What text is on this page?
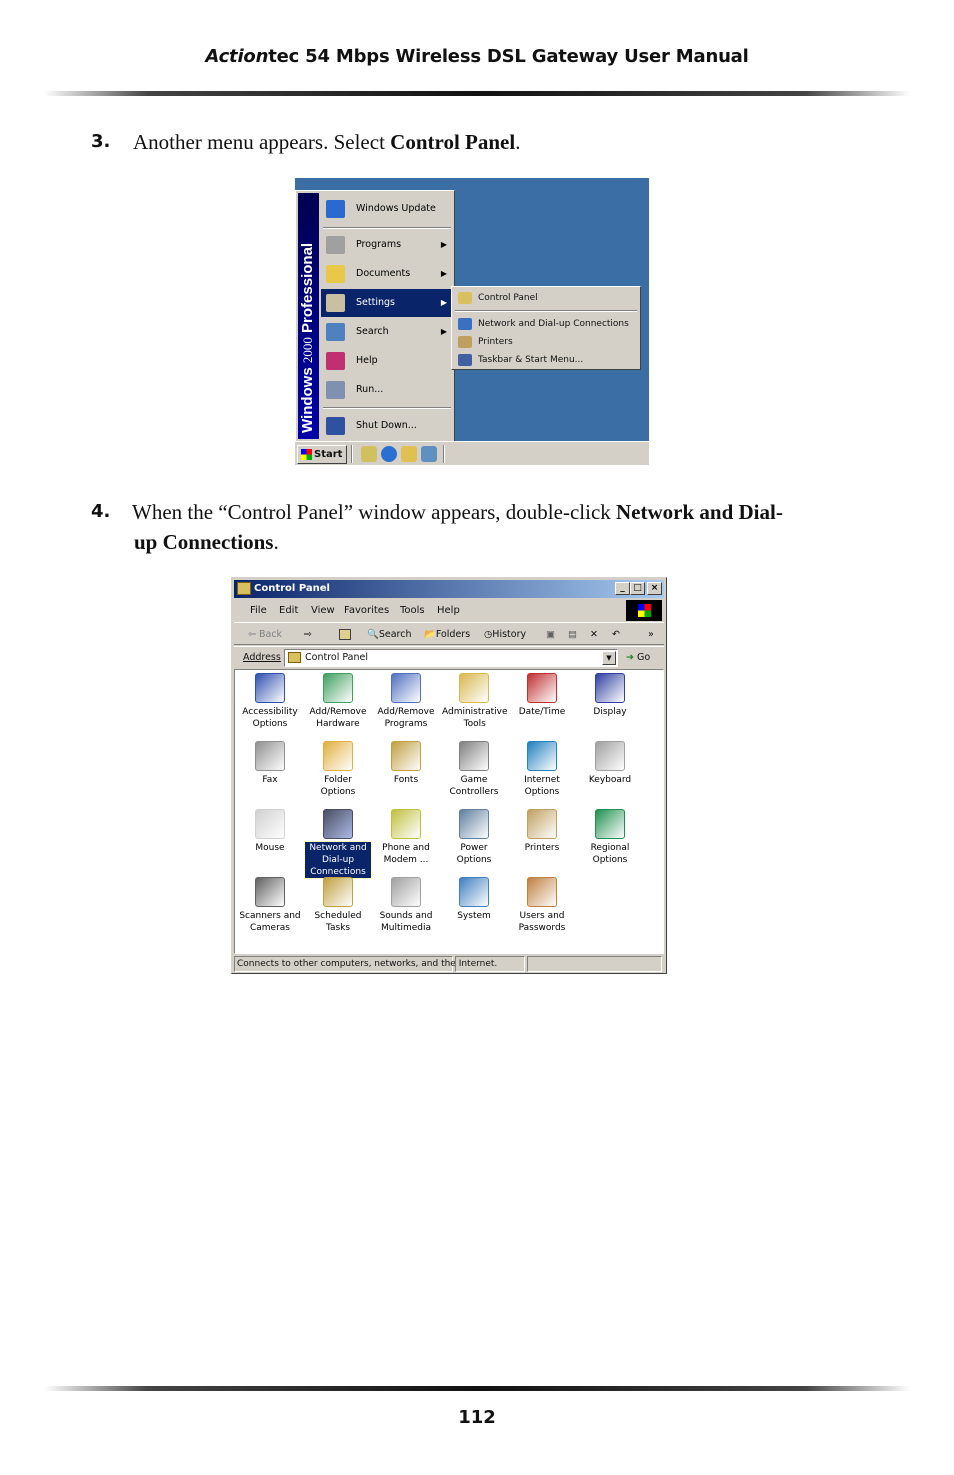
Actiontec 54 Mbps Wireless DSL Gateway User Manual
3. Another menu appears. Select Control Panel.
Windows 2000 Professional
Windows Update
Programs	▶
Documents	▶
Settings	▶
Search	▶
Help
Run...
Shut Down...
Control Panel
Network and Dial-up Connections
Printers
Taskbar & Start Menu...
Start
4. When the “Control Panel” window appears, double-click Network and Dial-
up Connections.
Control Panel	_ □ ×
File Edit View Favorites Tools Help
⇦ Back ⇨	🔍Search 📂Folders ◷History ▣ ▤ ✕ ↶	»
Address	Control Panel	▼	➔ Go
Accessibility Options
Add/Remove Hardware
Add/Remove Programs
Administrative Tools
Date/Time	Display
Fax	Folder Options
Fonts	Game Controllers
Internet Options
Keyboard
Mouse	Network and Dial-up Connections
Phone and Modem ...
Power Options
Printers	Regional Options
Scanners and Cameras
Scheduled Tasks
Sounds and Multimedia
System	Users and Passwords
Connects to other computers, networks, and the Internet.
112
